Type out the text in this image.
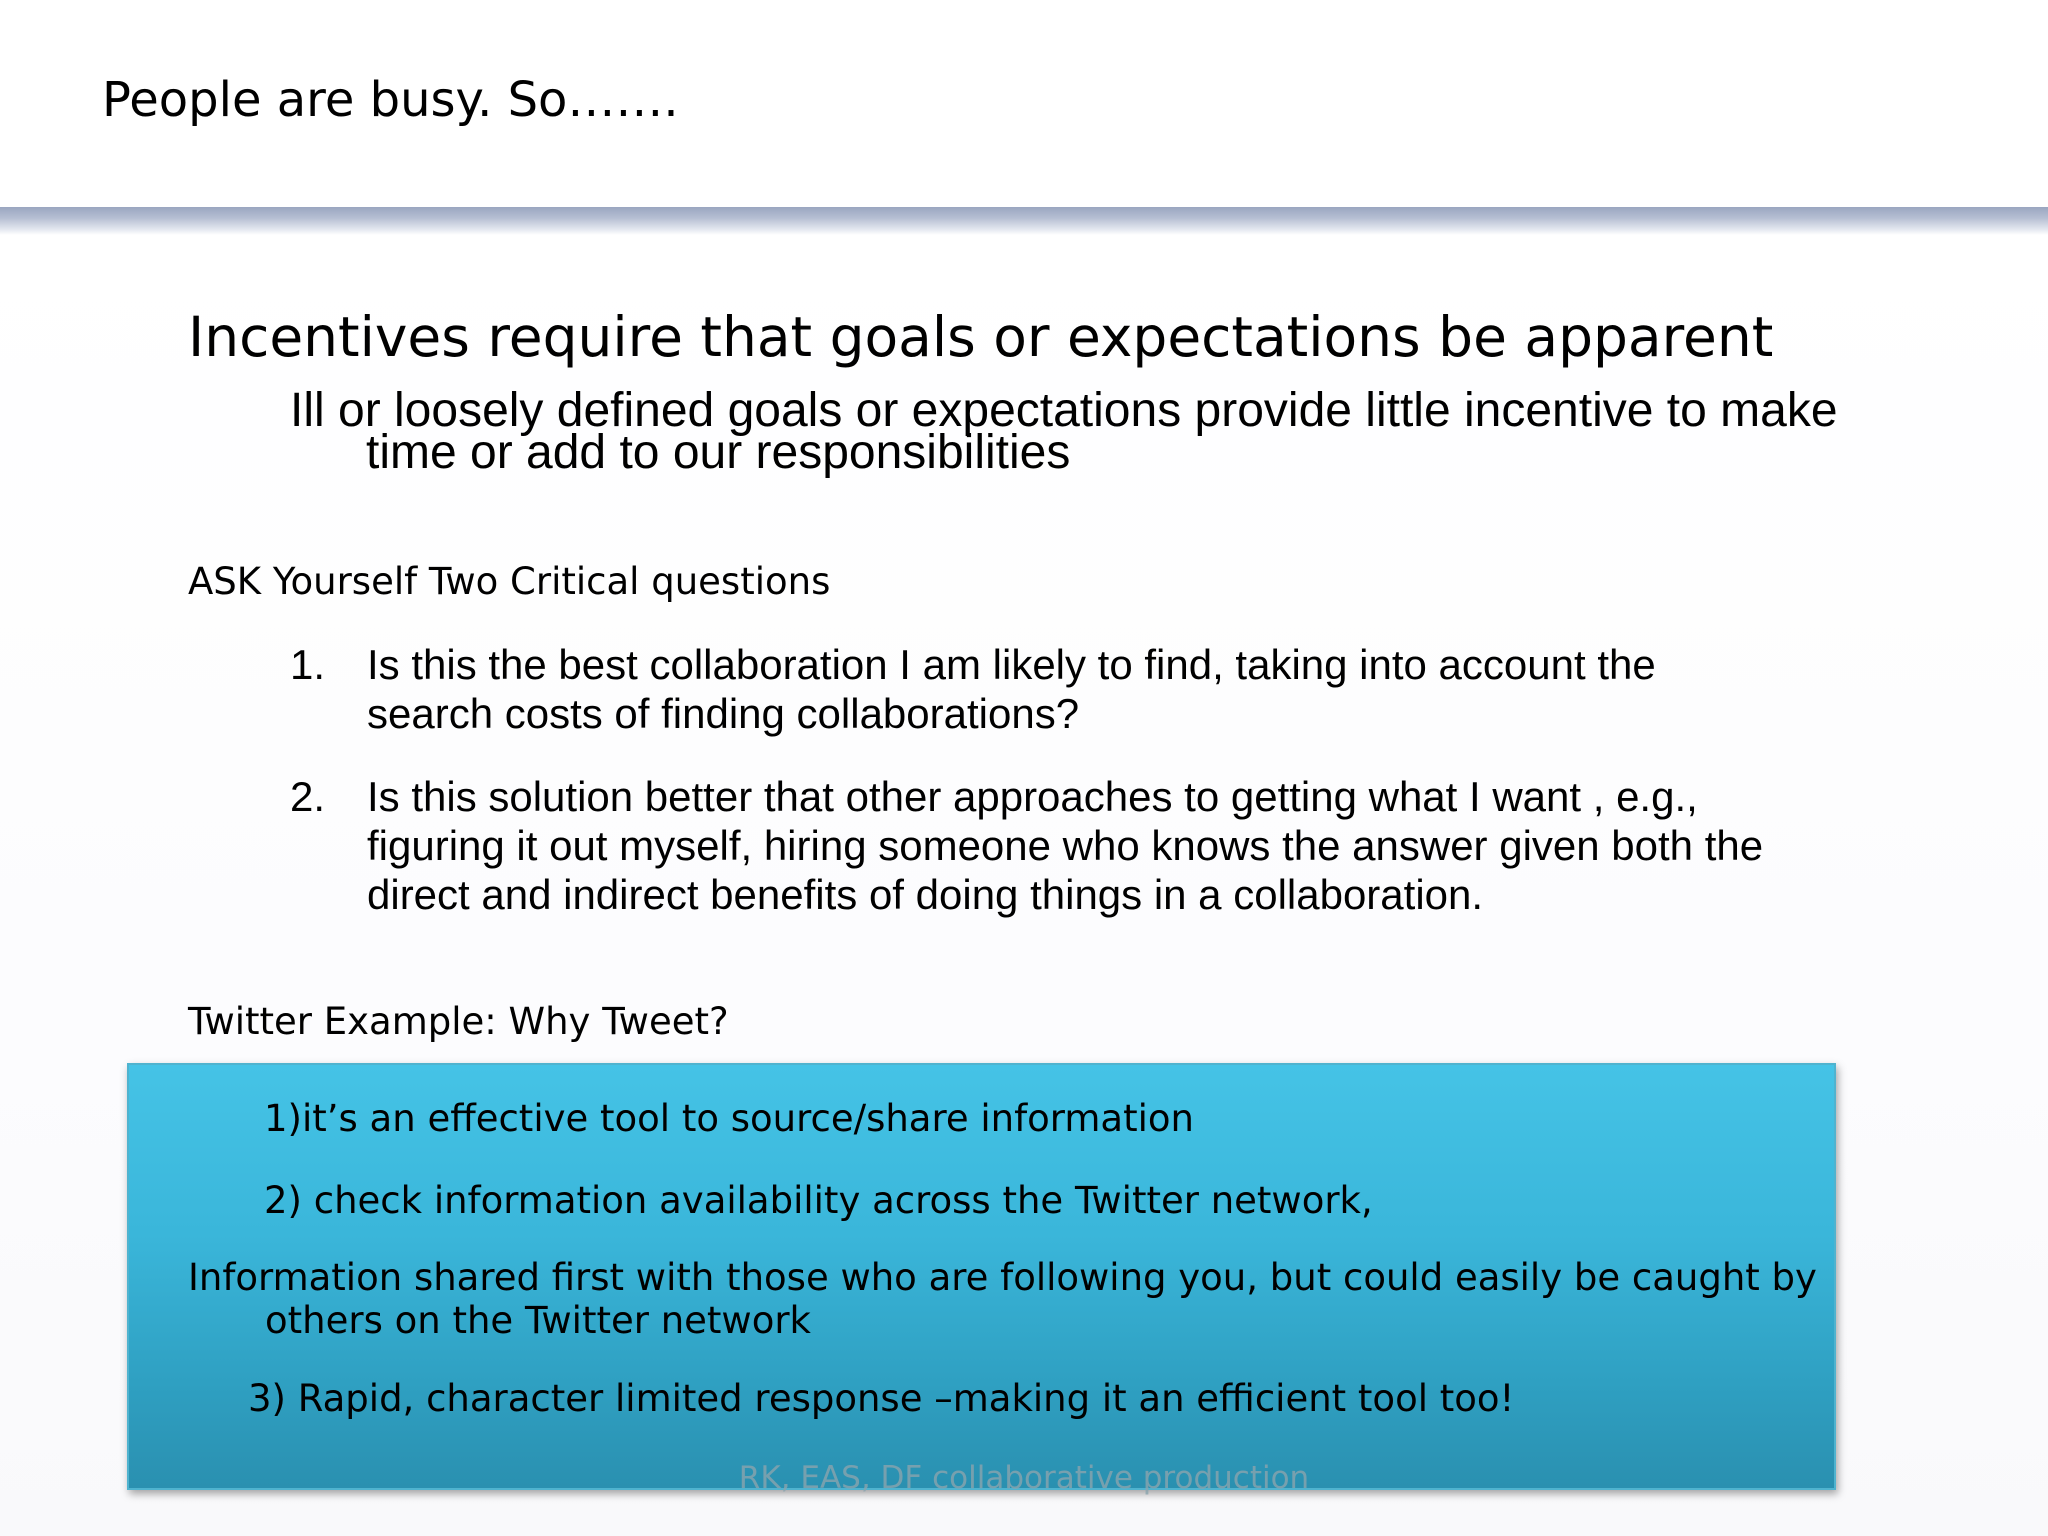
People are busy. So…….
Incentives require that goals or expectations be apparent
Ill or loosely defined goals or expectations provide little incentive to make time or add to our responsibilities
ASK Yourself Two Critical questions
1. Is this the best collaboration I am likely to find, taking into account the search costs of finding collaborations?
2. Is this solution better that other approaches to getting what I want , e.g., figuring it out myself, hiring someone who knows the answer given both the direct and indirect benefits of doing things in a collaboration.
Twitter Example: Why Tweet?
1)it’s an effective tool to source/share information
2) check information availability across the Twitter network,
Information shared first with those who are following you, but could easily be caught by others on the Twitter network
3) Rapid, character limited response –making it an efficient tool too!
RK, EAS, DF collaborative production
